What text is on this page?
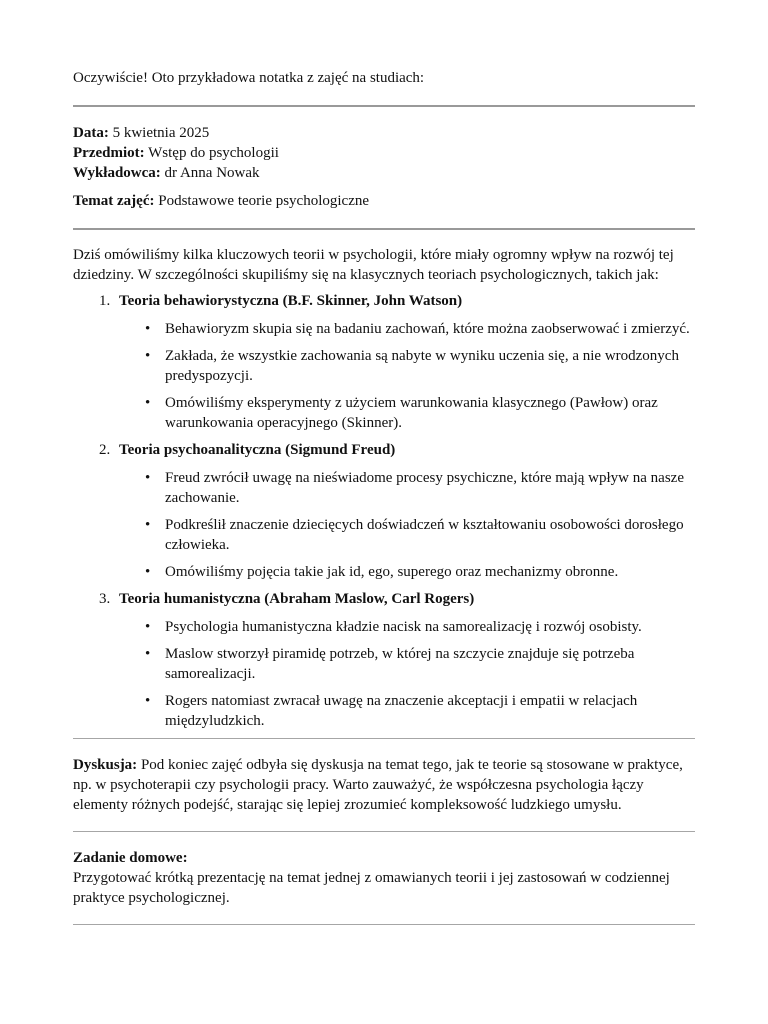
Oczywiście! Oto przykładowa notatka z zajęć na studiach:

Data: 5 kwietnia 2025

Przedmiot: Wstęp do psychologii

Wykładowca: dr Anna Nowak

Temat zajęć: Podstawowe teorie psychologiczne

Dziś omówiliśmy kilka kluczowych teorii w psychologii, które miały ogromny wpływ na rozwój tej dziedziny. W szczególności skupiliśmy się na klasycznych teoriach psychologicznych, takich jak:

1. Teoria behawiorystyczna (B.F. Skinner, John Watson)
• Behawioryzm skupia się na badaniu zachowań, które można zaobserwować i zmierzyć.
• Zakłada, że wszystkie zachowania są nabyte w wyniku uczenia się, a nie wrodzonych predyspozycji.
• Omówiliśmy eksperymenty z użyciem warunkowania klasycznego (Pawłow) oraz warunkowania operacyjnego (Skinner).
2. Teoria psychoanalityczna (Sigmund Freud)
• Freud zwrócił uwagę na nieświadome procesy psychiczne, które mają wpływ na nasze zachowanie.
• Podkreślił znaczenie dziecięcych doświadczeń w kształtowaniu osobowości dorosłego człowieka.
• Omówiliśmy pojęcia takie jak id, ego, superego oraz mechanizmy obronne.
3. Teoria humanistyczna (Abraham Maslow, Carl Rogers)
• Psychologia humanistyczna kładzie nacisk na samorealizację i rozwój osobisty.
• Maslow stworzył piramidę potrzeb, w której na szczycie znajduje się potrzeba samorealizacji.
• Rogers natomiast zwracał uwagę na znaczenie akceptacji i empatii w relacjach międzyludzkich.

Dyskusja: Pod koniec zajęć odbyła się dyskusja na temat tego, jak te teorie są stosowane w praktyce, np. w psychoterapii czy psychologii pracy. Warto zauważyć, że współczesna psychologia łączy elementy różnych podejść, starając się lepiej zrozumieć kompleksowość ludzkiego umysłu.

Zadanie domowe:

Przygotować krótką prezentację na temat jednej z omawianych teorii i jej zastosowań w codziennej praktyce psychologicznej.
